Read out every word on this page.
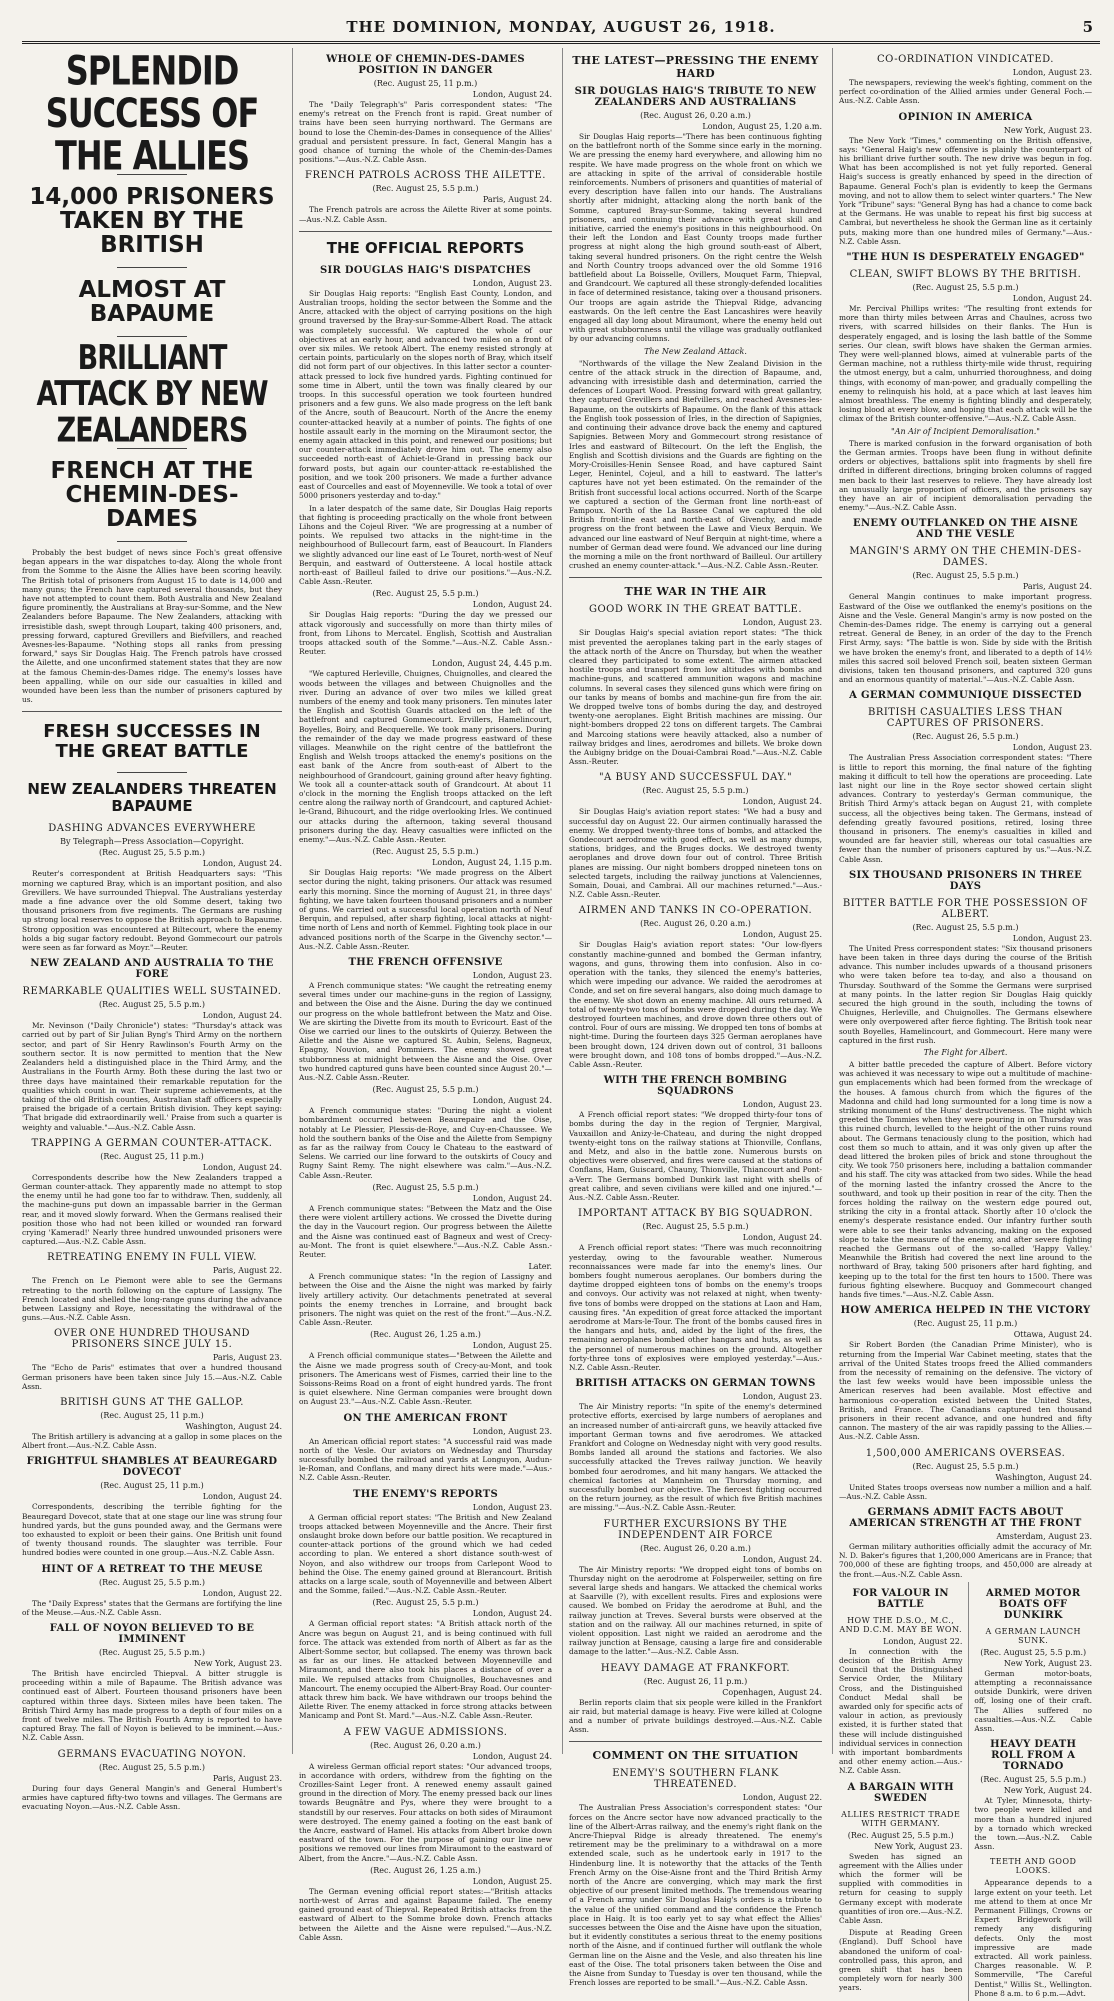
THE DOMINION, MONDAY, AUGUST 26, 1918.	5
SPLENDID SUCCESS OF THE ALLIES
14,000 PRISONERS TAKEN BY THE BRITISH
ALMOST AT BAPAUME
BRILLIANT ATTACK BY NEW ZEALANDERS
FRENCH AT THE CHEMIN-DES-DAMES

Probably the best budget of news since Foch's great offensive began appears in the war dispatches to-day. Along the whole front from the Somme to the Aisne the Allies have been scoring heavily. The British total of prisoners from August 15 to date is 14,000 and many guns; the French have captured several thousands, but they have not attempted to count them. Both Australia and New Zealand figure prominently, the Australians at Bray-sur-Somme, and the New Zealanders before Bapaume. The New Zealanders, attacking with irresistible dash, swept through Loupart, taking 400 prisoners, and, pressing forward, captured Grevillers and Biefvillers, and reached Avesnes-les-Bapaume. "Nothing stops all ranks from pressing forward," says Sir Douglas Haig. The French patrols have crossed the Ailette, and one unconfirmed statement states that they are now at the famous Chemin-des-Dames ridge. The enemy's losses have been appalling, while on our side our casualties in killed and wounded have been less than the number of prisoners captured by us.

FRESH SUCCESSES IN THE GREAT BATTLE
NEW ZEALANDERS THREATEN BAPAUME
DASHING ADVANCES EVERYWHERE
By Telegraph—Press Association—Copyright.
(Rec. August 25, 5.5 p.m.)
London, August 24.

Reuter's correspondent at British Headquarters says: "This morning we captured Bray, which is an important position, and also Grevillers. We have surrounded Thiepval. The Australians yesterday made a fine advance over the old Somme desert, taking two thousand prisoners from five regiments. The Germans are rushing up strong local reserves to oppose the British approach to Bapaume. Strong opposition was encountered at Biltecourt, where the enemy holds a big sugar factory redoubt. Beyond Gommecourt our patrols were seen as far forward as Moyr."—Reuter.

NEW ZEALAND AND AUSTRALIA TO THE FORE
REMARKABLE QUALITIES WELL SUSTAINED.
(Rec. August 25, 5.5 p.m.)
London, August 24.

Mr. Nevinson ("Daily Chronicle") states: "Thursday's attack was carried out by part of Sir Julian Byng's Third Army on the northern sector, and part of Sir Henry Rawlinson's Fourth Army on the southern sector. It is now permitted to mention that the New Zealanders held a distinguished place in the Third Army, and the Australians in the Fourth Army. Both these during the last two or three days have maintained their remarkable reputation for the qualities which count in war. Their supreme achievements, at the taking of the old British counties, Australian staff officers especially praised the brigade of a certain British division. They kept saying: 'That brigade did extraordinarily well.' Praise from such a quarter is weighty and valuable."—Aus.-N.Z. Cable Assn.

TRAPPING A GERMAN COUNTER-ATTACK.
(Rec. August 25, 11 p.m.)
London, August 24.

Correspondents describe how the New Zealanders trapped a German counter-attack. They apparently made no attempt to stop the enemy until he had gone too far to withdraw. Then, suddenly, all the machine-guns put down an impassable barrier in the German rear, and it moved slowly forward. When the Germans realised their position those who had not been killed or wounded ran forward crying 'Kamerad!' Nearly three hundred unwounded prisoners were captured.—Aus.-N.Z. Cable Assn.

RETREATING ENEMY IN FULL VIEW.
Paris, August 22.

The French on Le Piemont were able to see the Germans retreating to the north following on the capture of Lassigny. The French located and shelled the long-range guns during the advance between Lassigny and Roye, necessitating the withdrawal of the guns.—Aus.-N.Z. Cable Assn.

OVER ONE HUNDRED THOUSAND PRISONERS SINCE JULY 15.
Paris, August 23.

The "Echo de Paris" estimates that over a hundred thousand German prisoners have been taken since July 15.—Aus.-N.Z. Cable Assn.

BRITISH GUNS AT THE GALLOP.
(Rec. August 25, 11 p.m.)
Washington, August 24.

The British artillery is advancing at a gallop in some places on the Albert front.—Aus.-N.Z. Cable Assn.

FRIGHTFUL SHAMBLES AT BEAUREGARD DOVECOT
(Rec. August 25, 11 p.m.)
London, August 24.

Correspondents, describing the terrible fighting for the Beauregard Dovecot, state that at one stage our line was strung four hundred yards, but the guns pounded away, and the Germans were too exhausted to exploit or been their gains. One British unit found of twenty thousand rounds. The slaughter was terrible. Four hundred bodies were counted in one group.—Aus.-N.Z. Cable Assn.

HINT OF A RETREAT TO THE MEUSE
(Rec. August 25, 5.5 p.m.)
London, August 22.

The "Daily Express" states that the Germans are fortifying the line of the Meuse.—Aus.-N.Z. Cable Assn.

FALL OF NOYON BELIEVED TO BE IMMINENT
(Rec. August 25, 5.5 p.m.)
New York, August 23.

The British have encircled Thiepval. A bitter struggle is proceeding within a mile of Bapaume. The British advance was continued east of Albert. Fourteen thousand prisoners have been captured within three days. Sixteen miles have been taken. The British Third Army has made progress to a depth of four miles on a front of twelve miles. The British Fourth Army is reported to have captured Bray. The fall of Noyon is believed to be imminent.—Aus.-N.Z. Cable Assn.

GERMANS EVACUATING NOYON.
(Rec. August 25, 5.5 p.m.)
Paris, August 23.

During four days General Mangin's and General Humbert's armies have captured fifty-two towns and villages. The Germans are evacuating Noyon.—Aus.-N.Z. Cable Assn.

WHOLE OF CHEMIN-DES-DAMES POSITION IN DANGER
(Rec. August 25, 11 p.m.)
London, August 24.

The "Daily Telegraph's" Paris correspondent states: "The enemy's retreat on the French front is rapid. Great number of trains have been seen hurrying northward. The Germans are bound to lose the Chemin-des-Dames in consequence of the Allies' gradual and persistent pressure. In fact, General Mangin has a good chance of turning the whole of the Chemin-des-Dames positions."—Aus.-N.Z. Cable Assn.

FRENCH PATROLS ACROSS THE AILETTE.
(Rec. August 25, 5.5 p.m.)
Paris, August 24.

The French patrols are across the Ailette River at some points.—Aus.-N.Z. Cable Assn.

THE OFFICIAL REPORTS
SIR DOUGLAS HAIG'S DISPATCHES
London, August 23.

Sir Douglas Haig reports: "English East County, London, and Australian troops, holding the sector between the Somme and the Ancre, attacked with the object of carrying positions on the high ground traversed by the Bray-sur-Somme-Albert Road. The attack was completely successful. We captured the whole of our objectives at an early hour, and advanced two miles on a front of over six miles. We retook Albert. The enemy resisted strongly at certain points, particularly on the slopes north of Bray, which itself did not form part of our objectives. In this latter sector a counter-attack pressed to lock five hundred yards. Fighting continued for some time in Albert, until the town was finally cleared by our troops. In this successful operation we took fourteen hundred prisoners and a few guns. We also made progress on the left bank of the Ancre, south of Beaucourt. North of the Ancre the enemy counter-attacked heavily at a number of points. The fights of one hostile assault early in the morning on the Miraumont sector, the enemy again attacked in this point, and renewed our positions; but our counter-attack immediately drove him out. The enemy also succeeded north-east of Achiet-le-Grand in pressing back our forward posts, but again our counter-attack re-established the position, and we took 200 prisoners. We made a further advance east of Courcelles and east of Moyenneville. We took a total of over 5000 prisoners yesterday and to-day."

In a later despatch of the same date, Sir Douglas Haig reports that fighting is proceeding practically on the whole front between Lihons and the Cojeul River. "We are progressing at a number of points. We repulsed two attacks in the night-time in the neighbourhood of Bullecourt farm, east of Beaucourt. In Flanders we slightly advanced our line east of Le Touret, north-west of Neuf Berquin, and eastward of Outtersteene. A local hostile attack north-east of Bailleul failed to drive our positions."—Aus.-N.Z. Cable Assn.-Reuter.

(Rec. August 25, 5.5 p.m.)
London, August 24.

Sir Douglas Haig reports: "During the day we pressed our attack vigorously and successfully on more than thirty miles of front, from Lihons to Mercatel. English, Scottish and Australian troops attacked south of the Somme."—Aus.-N.Z. Cable Assn.-Reuter.

London, August 24, 4.45 p.m.

"We captured Herleville, Chuignes, Chuignolles, and cleared the woods between the villages and between Chuignolles and the river. During an advance of over two miles we killed great numbers of the enemy and took many prisoners. Ten minutes later the English and Scottish Guards attacked on the left of the battlefront and captured Gommecourt. Ervillers, Hamelincourt, Boyelles, Boiry, and Becquerelle. We took many prisoners. During the remainder of the day we made progress eastward of these villages. Meanwhile on the right centre of the battlefront the English and Welsh troops attacked the enemy's positions on the east bank of the Ancre from south-east of Albert to the neighbourhood of Grandcourt, gaining ground after heavy fighting. We took all a counter-attack south of Grandcourt. At about 11 o'clock in the morning the English troops attacked on the left centre along the railway north of Grandcourt, and captured Achiet-le-Grand, Bihucourt, and the ridge overlooking Irles. We continued our attacks during the afternoon, taking several thousand prisoners during the day. Heavy casualties were inflicted on the enemy."—Aus.-N.Z. Cable Assn.-Reuter.

(Rec. August 25, 5.5 p.m.)
London, August 24, 1.15 p.m.

Sir Douglas Haig reports: "We made progress on the Albert sector during the night, taking prisoners. Our attack was resumed early this morning. Since the morning of August 21, in three days' fighting, we have taken fourteen thousand prisoners and a number of guns. We carried out a successful local operation north of Neuf Berquin, and repulsed, after sharp fighting, local attacks at night-time north of Lens and north of Kemmel. Fighting took place in our advanced positions north of the Scarpe in the Givenchy sector."—Aus.-N.Z. Cable Assn.-Reuter.

THE FRENCH OFFENSIVE
London, August 23.

A French communique states: "We caught the retreating enemy several times under our machine-guns in the region of Lassigny, and between the Oise and the Aisne. During the day we continued our progress on the whole battlefront between the Matz and Oise. We are skirting the Divette from its mouth to Evricourt. East of the Oise we carried our lines to the outskirts of Quierzy. Between the Ailette and the Aisne we captured St. Aubin, Selens, Bagneux, Epagny, Nouvion, and Pommiers. The enemy showed great stubbornness at midnight between the Aisne and the Oise. Over two hundred captured guns have been counted since August 20."—Aus.-N.Z. Cable Assn.-Reuter.

(Rec. August 25, 5.5 p.m.)
London, August 24.

A French communique states: "During the night a violent bombardment occurred between Beaurepaire and the Oise, notably at Le Plessier, Plessis-de-Roye, and Cuy-en-Chaussee. We hold the southern banks of the Oise and the Ailette from Sempigny as far as the railway from Coucy le Chateau to the eastward of Selens. We carried our line forward to the outskirts of Coucy and Rugny Saint Remy. The night elsewhere was calm."—Aus.-N.Z. Cable Assn.-Reuter.

(Rec. August 25, 5.5 p.m.)
London, August 24.

A French communique states: "Between the Matz and the Oise there were violent artillery actions. We crossed the Divette during the day in the Vaucourt region. Our progress between the Ailette and the Aisne was continued east of Bagneux and west of Crecy-au-Mont. The front is quiet elsewhere."—Aus.-N.Z. Cable Assn.-Reuter.

Later.

A French communique states: "In the region of Lassigny and between the Oise and the Aisne the night was marked by fairly lively artillery activity. Our detachments penetrated at several points the enemy trenches in Lorraine, and brought back prisoners. The night was quiet on the rest of the front."—Aus.-N.Z. Cable Assn.-Reuter.

(Rec. August 26, 1.25 a.m.)
London, August 25.

A French official communique states—"Between the Ailette and the Aisne we made progress south of Crecy-au-Mont, and took prisoners. The Americans west of Fismes, carried their line to the Soissons-Reims Road on a front of eight hundred yards. The front is quiet elsewhere. Nine German companies were brought down on August 23."—Aus.-N.Z. Cable Assn.-Reuter.

ON THE AMERICAN FRONT
London, August 23.

An American official report states: "A successful raid was made north of the Vesle. Our aviators on Wednesday and Thursday successfully bombed the railroad and yards at Longuyon, Audun-le-Roman, and Conflans, and many direct hits were made."—Aus.-N.Z. Cable Assn.-Reuter.

THE ENEMY'S REPORTS
London, August 23.

A German official report states: "The British and New Zealand troops attacked between Moyenneville and the Ancre. Their first onslaught broke down before our battle position. We recaptured in counter-attack portions of the ground which we had ceded according to plan. We entered a short distance south-west of Noyon, and also withdrew our troops from Carlepont Wood to behind the Oise. The enemy gained ground at Blerancourt. British attacks on a large scale, south of Moyenneville and between Albert and the Somme, failed."—Aus.-N.Z. Cable Assn.-Reuter.

(Rec. August 25, 5.5 p.m.)
London, August 24.

A German official report states: "A British attack north of the Ancre was begun on August 21, and is being continued with full force. The attack was extended from north of Albert as far as the Albert-Somme sector, but collapsed. The enemy was thrown back as far as our lines. He attacked between Moyenneville and Miraumont, and there also took his places a distance of over a mile. We repulsed attacks from Chuignolles, Bouchavesnes and Mancourt. The enemy occupied the Albert-Bray Road. Our counter-attack threw him back. We have withdrawn our troops behind the Ailette River. The enemy attacked in force strong attacks between Manicamp and Pont St. Mard."—Aus.-N.Z. Cable Assn.-Reuter.

A FEW VAGUE ADMISSIONS.
(Rec. August 26, 0.20 a.m.)
London, August 24.

A wireless German official report states: "Our advanced troops, in accordance with orders, withdrew from the fighting on the Crozilles-Saint Leger front. A renewed enemy assault gained ground in the direction of Mory. The enemy pressed back our lines towards Beugnâtre and Pys, where they were brought to a standstill by our reserves. Four attacks on both sides of Miraumont were destroyed. The enemy gained a footing on the east bank of the Ancre, eastward of Hamel. His attacks from Albert broke down eastward of the town. For the purpose of gaining our line new positions we removed our lines from Miraumont to the eastward of Albert, from the Ancre."—Aus.-N.Z. Cable Assn.

(Rec. August 26, 1.25 a.m.)
London, August 25.

The German evening official report states:—"British attacks north-west of Arras and against Bapaume failed. The enemy gained ground east of Thiepval. Repeated British attacks from the eastward of Albert to the Somme broke down. French attacks between the Ailette and the Aisne were repulsed."—Aus.-N.Z. Cable Assn.

THE LATEST—PRESSING THE ENEMY HARD
SIR DOUGLAS HAIG'S TRIBUTE TO NEW ZEALANDERS AND AUSTRALIANS
(Rec. August 26, 0.20 a.m.)
London, August 25, 1.20 a.m.

Sir Douglas Haig reports—"There has been continuous fighting on the battlefront north of the Somme since early in the morning. We are pressing the enemy hard everywhere, and allowing him no respite. We have made progress on the whole front on which we are attacking in spite of the arrival of considerable hostile reinforcements. Numbers of prisoners and quantities of material of every description have fallen into our hands. The Australians shortly after midnight, attacking along the north bank of the Somme, captured Bray-sur-Somme, taking several hundred prisoners, and continuing their advance with great skill and initiative, carried the enemy's positions in this neighbourhood. On their left the London and East County troops made further progress at night along the high ground south-east of Albert, taking several hundred prisoners. On the right centre the Welsh and North Country troops advanced over the old Somme 1916 battlefield about La Boisselle, Ovillers, Mouquet Farm, Thiepval, and Grandcourt. We captured all these strongly-defended localities in face of determined resistance, taking over a thousand prisoners. Our troops are again astride the Thiepval Ridge, advancing eastwards. On the left centre the East Lancashires were heavily engaged all day long about Miraumont, where the enemy held out with great stubbornness until the village was gradually outflanked by our advancing columns.

The New Zealand Attack.

"Northwards of the village the New Zealand Division in the centre of the attack struck in the direction of Bapaume, and, advancing with irresistible dash and determination, carried the defences of Loupart Wood. Pressing forward with great gallantry, they captured Grevillers and Biefvillers, and reached Avesnes-les-Bapaume, on the outskirts of Bapaume. On the flank of this attack the English took possession of Irles, in the direction of Sapignies, and continuing their advance drove back the enemy and captured Sapignies. Between Mory and Gommecourt strong resistance of Irles and eastward of Biltecourt. On the left the English, the English and Scottish divisions and the Guards are fighting on the Mory-Croisilles-Henin Sensee Road, and have captured Saint Leger, Henintel, Cojeul, and a hill to eastward. The latter's captures have not yet been estimated. On the remainder of the British front successful local actions occurred. North of the Scarpe we captured a section of the German front line north-east of Fampoux. North of the La Bassee Canal we captured the old British front-line east and north-east of Givenchy, and made progress on the front between the Lawe and Vieux Berquin. We advanced our line eastward of Neuf Berquin at night-time, where a number of German dead were found. We advanced our line during the morning a mile on the front northward of Bailleul. Our artillery crushed an enemy counter-attack."—Aus.-N.Z. Cable Assn.-Reuter.

THE WAR IN THE AIR
GOOD WORK IN THE GREAT BATTLE.
London, August 23.

Sir Douglas Haig's special aviation report states: "The thick mist prevented the aeroplanes taking part in the early stages of the attack north of the Ancre on Thursday, but when the weather cleared they participated to some extent. The airmen attacked hostile troops and transport from low altitudes with bombs and machine-guns, and scattered ammunition wagons and machine columns. In several cases they silenced guns which were firing on our tanks by means of bombs and machine-gun fire from the air. We dropped twelve tons of bombs during the day, and destroyed twenty-one aeroplanes. Eight British machines are missing. Our night-bombers dropped 22 tons on different targets. The Cambrai and Marcoing stations were heavily attacked, also a number of railway bridges and lines, aerodromes and billets. We broke down the Aubigny bridge on the Douai-Cambrai Road."—Aus.-N.Z. Cable Assn.-Reuter.

"A BUSY AND SUCCESSFUL DAY."
(Rec. August 25, 5.5 p.m.)
London, August 24.

Sir Douglas Haig's aviation report states: "We had a busy and successful day on August 22. Our airmen continually harassed the enemy. We dropped twenty-three tons of bombs, and attacked the Gondecourt aerodrome with good effect, as well as many dumps, stations, bridges, and the Bruges docks. We destroyed twenty aeroplanes and drove down four out of control. Three British planes are missing. Our night bombers dropped nineteen tons on selected targets, including the railway junctions at Valenciennes, Somain, Douai, and Cambrai. All our machines returned."—Aus.-N.Z. Cable Assn.-Reuter.

AIRMEN AND TANKS IN CO-OPERATION.
(Rec. August 26, 0.20 a.m.)
London, August 25.

Sir Douglas Haig's aviation report states: "Our low-flyers constantly machine-gunned and bombed the German infantry, wagons, and guns, throwing them into confusion. Also in co-operation with the tanks, they silenced the enemy's batteries, which were impeding our advance. We raided the aerodromes at Conde, and set on fire several hangars, also doing much damage to the enemy. We shot down an enemy machine. All ours returned. A total of twenty-two tons of bombs were dropped during the day. We destroyed fourteen machines, and drove down three others out of control. Four of ours are missing. We dropped ten tons of bombs at night-time. During the fourteen days 325 German aeroplanes have been brought down, 124 driven down out of control, 31 balloons were brought down, and 108 tons of bombs dropped."—Aus.-N.Z. Cable Assn.-Reuter.

WITH THE FRENCH BOMBING SQUADRONS
London, August 23.

A French official report states: "We dropped thirty-four tons of bombs during the day in the region of Tergnier, Margival, Vauxaillon and Anizy-le-Chateau, and during the night dropped twenty-eight tons on the railway stations at Thionville, Conflans, and Metz, and also in the battle zone. Numerous bursts on objectives were observed, and fires were caused at the stations of Conflans, Ham, Guiscard, Chauny, Thionville, Thiancourt and Pont-a-Verr. The Germans bombed Dunkirk last night with shells of great calibre, and seven civilians were killed and one injured."—Aus.-N.Z. Cable Assn.-Reuter.

IMPORTANT ATTACK BY BIG SQUADRON.
(Rec. August 25, 5.5 p.m.)
London, August 24.

A French official report states: "There was much reconnoitring yesterday, owing to the favourable weather. Numerous reconnaissances were made far into the enemy's lines. Our bombers fought numerous aeroplanes. Our bombers during the daytime dropped eighteen tons of bombs on the enemy's troops and convoys. Our activity was not relaxed at night, when twenty-five tons of bombs were dropped on the stations at Laon and Ham, causing fires. "An expedition of great force attacked the important aerodrome at Mars-le-Tour. The front of the bombs caused fires in the hangars and huts, and, aided by the light of the fires, the remaining aeroplanes bombed other hangars and huts, as well as the personnel of numerous machines on the ground. Altogether forty-three tons of explosives were employed yesterday."—Aus.-N.Z. Cable Assn.-Reuter.

BRITISH ATTACKS ON GERMAN TOWNS
London, August 23.

The Air Ministry reports: "In spite of the enemy's determined protective efforts, exercised by large numbers of aeroplanes and an increased number of anti-aircraft guns, we heavily attacked five important German towns and five aerodromes. We attacked Frankfort and Cologne on Wednesday night with very good results. Bombs landed all around the stations and factories. We also successfully attacked the Treves railway junction. We heavily bombed four aerodromes, and hit many hangars. We attacked the chemical factories at Mannheim on Thursday morning, and successfully bombed our objective. The fiercest fighting occurred on the return journey, as the result of which five British machines are missing."—Aus.-N.Z. Cable Assn.-Reuter.

FURTHER EXCURSIONS BY THE INDEPENDENT AIR FORCE
(Rec. August 26, 0.20 a.m.)
London, August 24.

The Air Ministry reports: "We dropped eight tons of bombs on Thursday night on the aerodrome at Folsperweiler, setting on fire several large sheds and hangars. We attacked the chemical works at Saarville (?), with excellent results. Fires and explosions were caused. We bombed on Friday the aerodrome at Buhl, and the railway junction at Treves. Several bursts were observed at the station and on the railway. All our machines returned, in spite of violent opposition. Last night we raided an aerodrome and the railway junction at Bensage, causing a large fire and considerable damage to the latter."—Aus.-N.Z. Cable Assn.

HEAVY DAMAGE AT FRANKFORT.
(Rec. August 26, 11 p.m.)
Copenhagen, August 24.

Berlin reports claim that six people were killed in the Frankfort air raid, but material damage is heavy. Five were killed at Cologne and a number of private buildings destroyed.—Aus.-N.Z. Cable Assn.

COMMENT ON THE SITUATION
ENEMY'S SOUTHERN FLANK THREATENED.
London, August 22.

The Australian Press Association's correspondent states: "Our forces on the Ancre sector have now advanced practically to the line of the Albert-Arras railway, and the enemy's right flank on the Ancre-Thiepval Ridge is already threatened. The enemy's retirement may be the preliminary to a withdrawal on a more extended scale, such as he undertook early in 1917 to the Hindenburg line. It is noteworthy that the attacks of the Tenth French Army on the Oise-Aisne front and the Third British Army north of the Ancre are converging, which may mark the first objective of our present limited methods. The tremendous wearing of a French army under Sir Douglas Haig's orders is a tribute to the value of the unified command and the confidence the French place in Haig. It is too early yet to say what effect the Allies' successes between the Oise and the Aisne have upon the situation, but it evidently constitutes a serious threat to the enemy positions north of the Aisne, and if continued further will outflank the whole German line on the Aisne and the Vesle, and also threaten his line east of the Oise. The total prisoners taken between the Oise and the Aisne from Sunday to Tuesday is over ten thousand, while the French losses are reported to be small."—Aus.-N.Z. Cable Assn.

CO-ORDINATION VINDICATED.
London, August 23.

The newspapers, reviewing the week's fighting, comment on the perfect co-ordination of the Allied armies under General Foch.—Aus.-N.Z. Cable Assn.

OPINION IN AMERICA
New York, August 23.

The New York "Times," commenting on the British offensive, says: "General Haig's new offensive is plainly the counterpart of his brilliant drive further south. The new drive was begun in fog. What has been accomplished is not yet fully reported. General Haig's success is greatly enhanced by speed in the direction of Bapaume. General Foch's plan is evidently to keep the Germans moving, and not to allow them to select winter quarters." The New York "Tribune" says: "General Byng has had a chance to come back at the Germans. He was unable to repeat his first big success at Cambrai, but nevertheless he shook the German line as it certainly puts, making more than one hundred miles of Germany."—Aus.-N.Z. Cable Assn.

"THE HUN IS DESPERATELY ENGAGED"
CLEAN, SWIFT BLOWS BY THE BRITISH.
(Rec. August 25, 5.5 p.m.)
London, August 24.

Mr. Percival Phillips writes: "The resulting front extends for more than thirty miles between Arras and Chaulnes, across two rivers, with scarred hillsides on their flanks. The Hun is desperately engaged, and is losing the lash battle of the Somme series. Our clean, swift blows have shaken the German armies. They were well-planned blows, aimed at vulnerable parts of the German machine, not a ruthless thirty-mile wide thrust, requiring the utmost energy, but a calm, unhurried thoroughness, and doing things, with economy of man-power, and gradually compelling the enemy to relinquish his hold, at a pace which at last leaves him almost breathless. The enemy is fighting blindly and desperately, losing blood at every blow, and hoping that each attack will be the climax of the British counter-offensive."—Aus.-N.Z. Cable Assn.

"An Air of Incipient Demoralisation."

There is marked confusion in the forward organisation of both the German armies. Troops have been flung in without definite orders or objectives, battalions split into fragments by shell fire drifted in different directions, bringing broken columns of ragged men back to their last reserves to relieve. They have already lost an unusually large proportion of officers, and the prisoners say they have an air of incipient demoralisation pervading the enemy."—Aus.-N.Z. Cable Assn.

ENEMY OUTFLANKED ON THE AISNE AND THE VESLE
MANGIN'S ARMY ON THE CHEMIN-DES-DAMES.
(Rec. August 25, 5.5 p.m.)
Paris, August 24.

General Mangin continues to make important progress. Eastward of the Oise we outflanked the enemy's positions on the Aisne and the Vesle. General Mangin's army is now posted on the Chemin-des-Dames ridge. The enemy is carrying out a general retreat. General de Beney, in an order of the day to the French First Army, says: "The battle is won. Side by side with the British we have broken the enemy's front, and liberated to a depth of 14½ miles this sacred soil beloved French soil, beaten sixteen German divisions, taken ten thousand prisoners, and captured 320 guns and an enormous quantity of material."—Aus.-N.Z. Cable Assn.

A GERMAN COMMUNIQUE DISSECTED
BRITISH CASUALTIES LESS THAN CAPTURES OF PRISONERS.
(Rec. August 26, 5.5 p.m.)
London, August 23.

The Australian Press Association correspondent states: "There is little to report this morning, the final nature of the fighting making it difficult to tell how the operations are proceeding. Late last night our line in the Roye sector showed certain slight advances. Contrary to yesterday's German communique, the British Third Army's attack began on August 21, with complete success, all the objectives being taken. The Germans, instead of defending greatly favoured positions, retired, losing three thousand in prisoners. The enemy's casualties in killed and wounded are far heavier still, whereas our total casualties are fewer than the number of prisoners captured by us."—Aus.-N.Z. Cable Assn.

SIX THOUSAND PRISONERS IN THREE DAYS
BITTER BATTLE FOR THE POSSESSION OF ALBERT.
(Rec. August 25, 5.5 p.m.)
London, August 23.

The United Press correspondent states: "Six thousand prisoners have been taken in three days during the course of the British advance. This number includes upwards of a thousand prisoners who were taken before tea to-day, and also a thousand on Thursday. Southward of the Somme the Germans were surprised at many points. In the latter region Sir Douglas Haig quickly secured the high ground in the south, including the towns of Chuignes, Herleville, and Chuignolles. The Germans elsewhere were only overpowered after fierce fighting. The British took near south Boyelles, Hamelincourt, and Gommecourt. Here many were captured in the first rush.

The Fight for Albert.

A bitter battle preceded the capture of Albert. Before victory was achieved it was necessary to wipe out a multitude of machine-gun emplacements which had been formed from the wreckage of the houses. A famous church from which the figures of the Madonna and child had long surmounted for a long time is now a striking monument of the Huns' destructiveness. The night which greeted the Tommies when they were pouring in on Thursday was this ruined church, levelled to the height of the other ruins round about. The Germans tenaciously clung to the position, which had cost them so much to attain, and it was only given up after the dead littered the broken piles of brick and stone throughout the city. We took 750 prisoners here, including a battalion commander and his staff. The city was attacked from two sides. While the head of the morning lasted the infantry crossed the Ancre to the southward, and took up their position in rear of the city. Then the forces holding the railway on the western edge poured out, striking the city in a frontal attack. Shortly after 10 o'clock the enemy's desperate resistance ended. Our infantry further south were able to see their tanks advancing, making on the exposed slope to take the measure of the enemy, and after severe fighting reached the Germans out of the so-called 'Happy Valley.' Meanwhile the British had covered the next line around to the northward of Bray, taking 500 prisoners after hard fighting, and keeping up to the total for the first ten hours to 1500. There was furious fighting elsewhere. Bucquoy and Gommecourt changed hands five times."—Aus.-N.Z. Cable Assn.

HOW AMERICA HELPED IN THE VICTORY
(Rec. August 25, 11 p.m.)
Ottawa, August 24.

Sir Robert Borden (the Canadian Prime Minister), who is returning from the Imperial War Cabinet meeting, states that the arrival of the United States troops freed the Allied commanders from the necessity of remaining on the defensive. The victory of the last few weeks would have been impossible unless the American reserves had been available. Most effective and harmonious co-operation existed between the United States, British, and France. The Canadians captured ten thousand prisoners in their recent advance, and one hundred and fifty cannon. The mastery of the air was rapidly passing to the Allies.—Aus.-N.Z. Cable Assn.

1,500,000 AMERICANS OVERSEAS.
(Rec. August 25, 5.5 p.m.)
Washington, August 24.

United States troops overseas now number a million and a half.—Aus.-N.Z. Cable Assn.

GERMANS ADMIT FACTS ABOUT AMERICAN STRENGTH AT THE FRONT
Amsterdam, August 23.

German military authorities officially admit the accuracy of Mr. N. D. Baker's figures that 1,200,000 Americans are in France; that 700,000 of these are fighting troops, and 450,000 are already at the front.—Aus.-N.Z. Cable Assn.

FOR VALOUR IN BATTLE
HOW THE D.S.O., M.C., AND D.C.M. MAY BE WON.
London, August 22.

In connection with the decision of the British Army Council that the Distinguished Service Order, the Military Cross, and the Distinguished Conduct Medal shall be awarded only for specific acts of valour in action, as previously existed, it is further stated that these will include distinguished individual services in connection with important bombardments and other enemy action.—Aus.-N.Z. Cable Assn.

A BARGAIN WITH SWEDEN
ALLIES RESTRICT TRADE WITH GERMANY.
(Rec. August 25, 5.5 p.m.)
New York, August 23.

Sweden has signed an agreement with the Allies under which the former will be supplied with commodities in return for ceasing to supply Germany except with moderate quantities of iron ore.—Aus.-N.Z. Cable Assn.

Dispute at Reading Green (England). Duff School have abandoned the uniform of coal-controlled pass, this apron, and green shift that has been completely worn for nearly 300 years.

ARMED MOTOR BOATS OFF DUNKIRK
A GERMAN LAUNCH SUNK.
(Rec. August 25, 5.5 p.m.)
New York, August 23.

German motor-boats, attempting a reconnaissance outside Dunkirk, were driven off, losing one of their craft. The Allies suffered no casualties.—Aus.-N.Z. Cable Assn.

HEAVY DEATH ROLL FROM A TORNADO
(Rec. August 25, 5.5 p.m.)
New York, August 24.

At Tyler, Minnesota, thirty-two people were killed and more than a hundred injured by a tornado which wrecked the town.—Aus.-N.Z. Cable Assn.

TEETH AND GOOD LOOKS.

Appearance depends to a large extent on your teeth. Let me attend to them at once Mr Permanent Fillings, Crowns or Expert Bridgework will remedy any disfiguring defects. Only the most impressive are made extracted. All work painless. Charges reasonable. W. P. Sommerville, "The Careful Dentist," Willis St., Wellington. Phone 8 a.m. to 6 p.m.—Advt.
